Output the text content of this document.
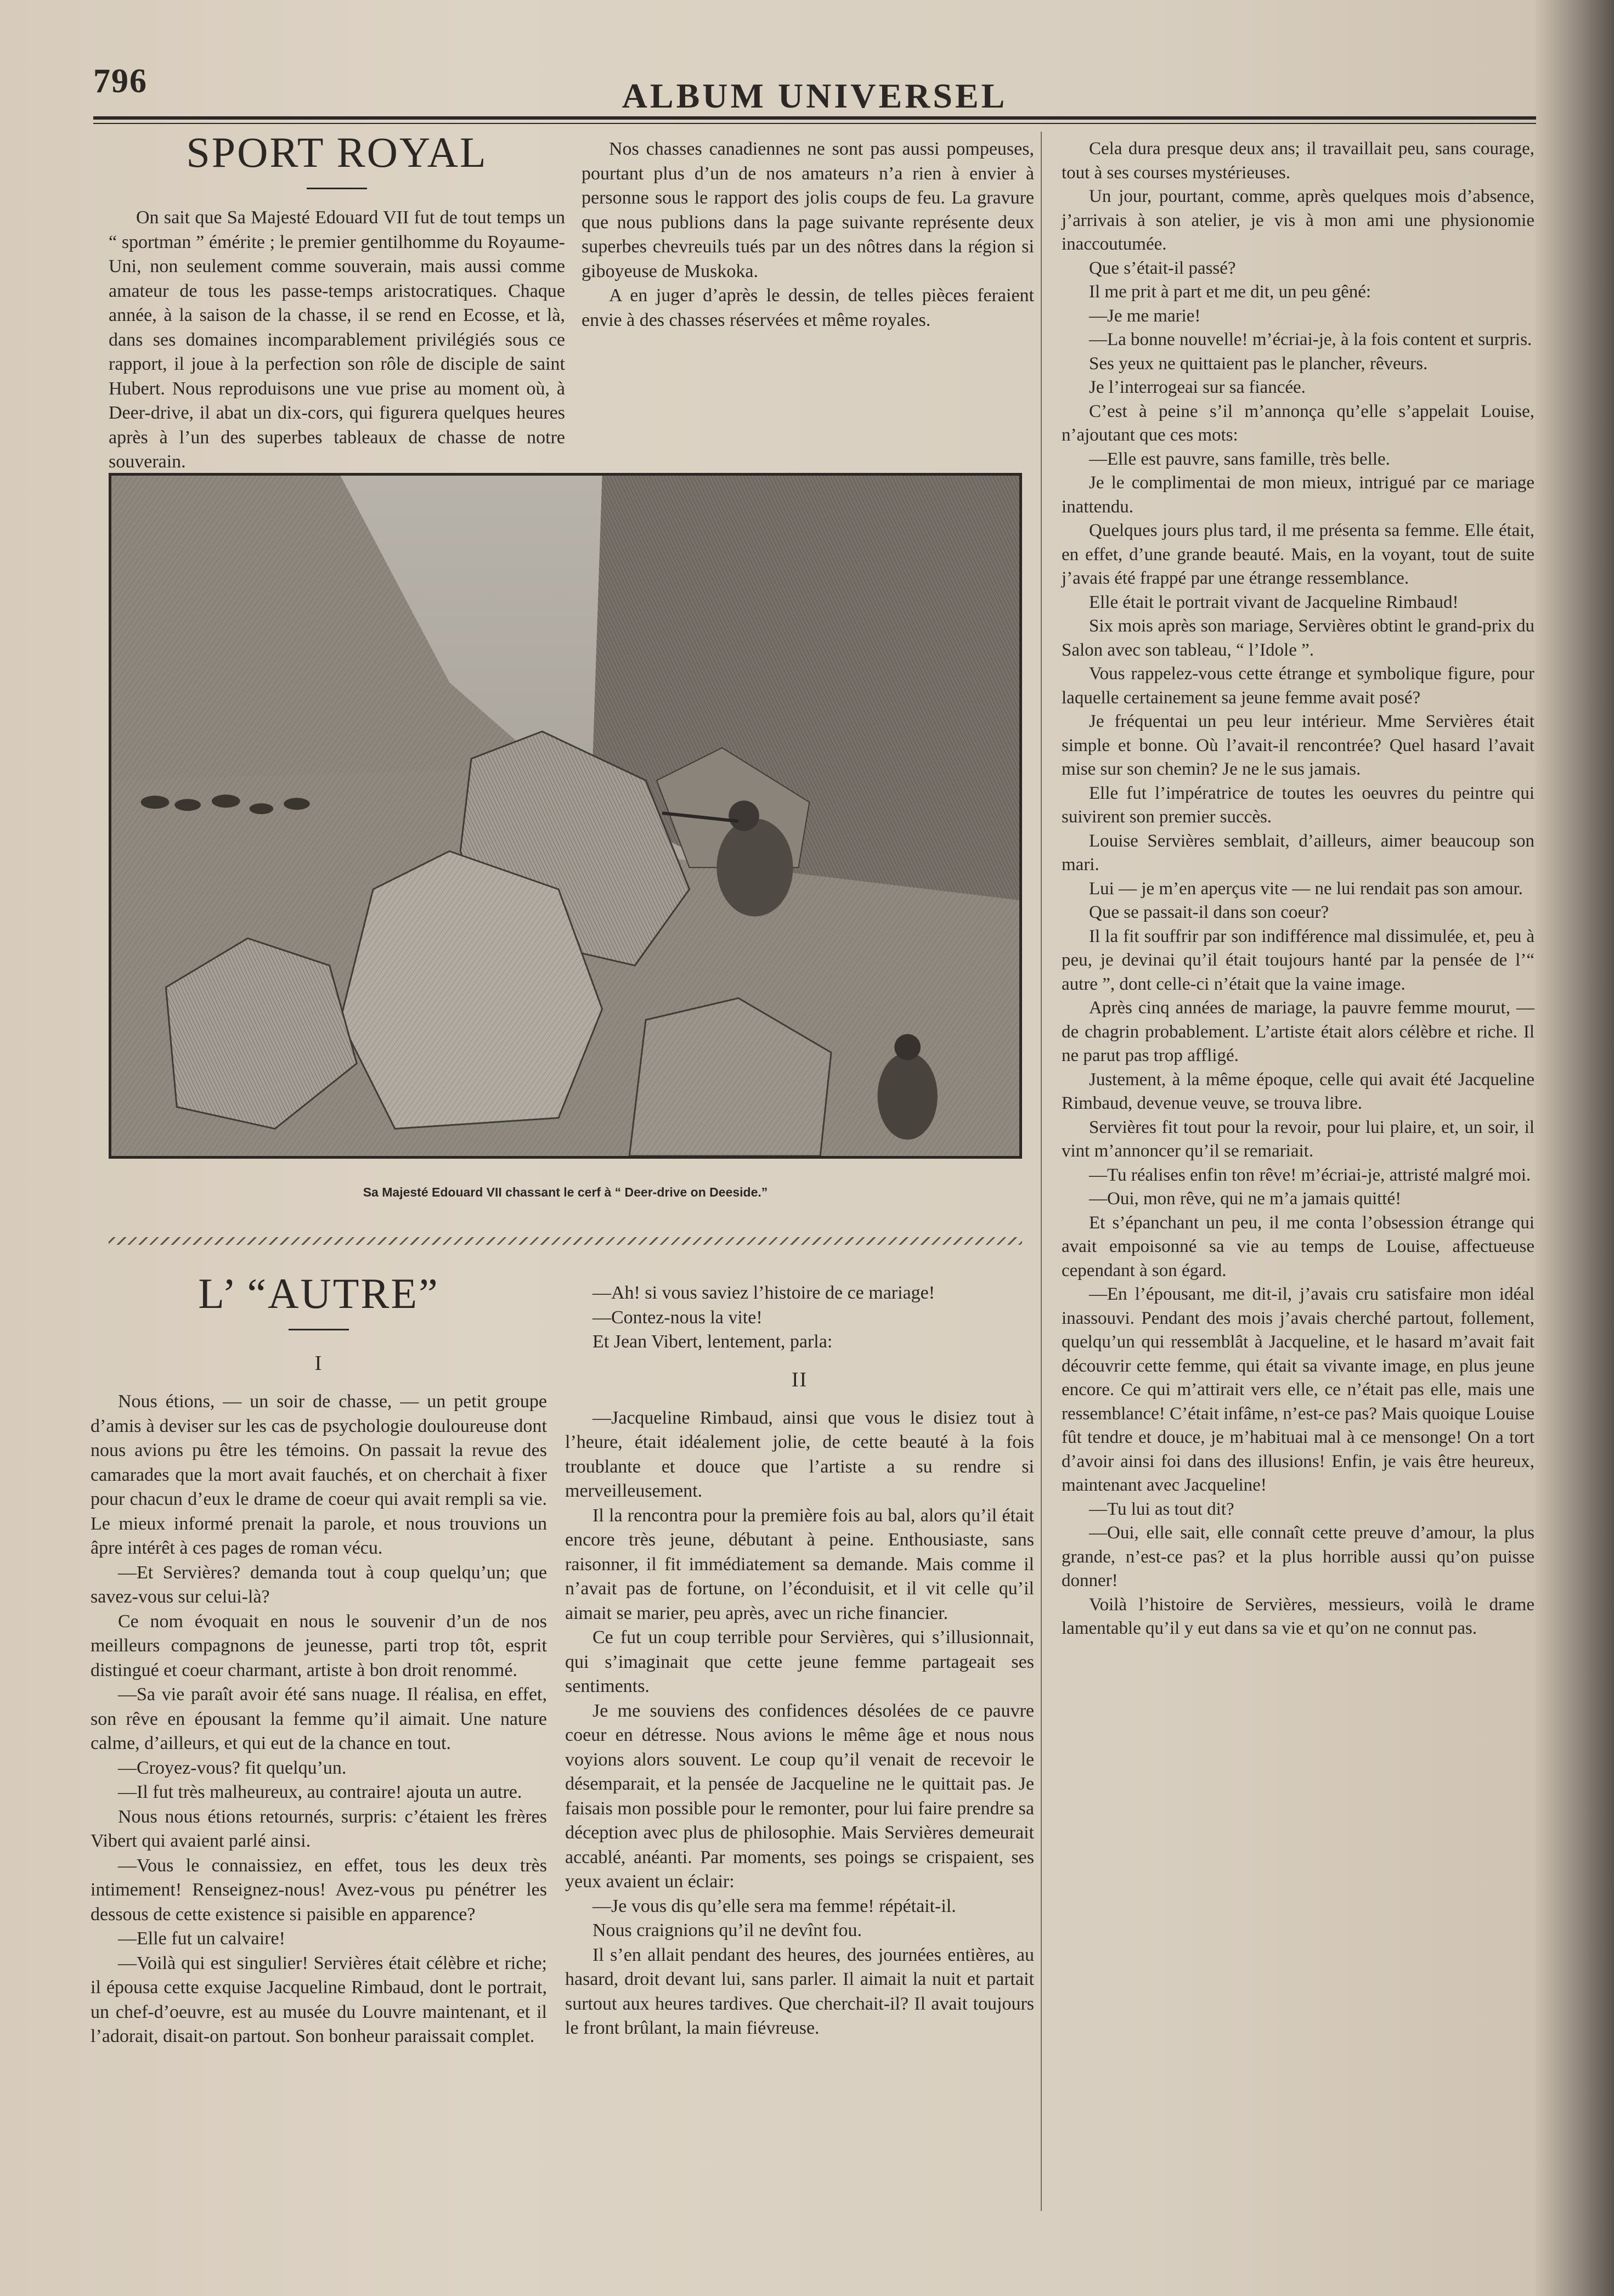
796	ALBUM UNIVERSEL
SPORT ROYAL

On sait que Sa Majesté Edouard VII fut de tout temps un “ sportman ” émérite ; le premier gentilhomme du Royaume-Uni, non seulement comme souverain, mais aussi comme amateur de tous les passe-temps aristocratiques. Chaque année, à la saison de la chasse, il se rend en Ecosse, et là, dans ses domaines incomparablement privilégiés sous ce rapport, il joue à la perfection son rôle de disciple de saint Hubert. Nous reproduisons une vue prise au moment où, à Deer-drive, il abat un dix-cors, qui figurera quelques heures après à l’un des superbes tableaux de chasse de notre souverain.

Nos chasses canadiennes ne sont pas aussi pompeuses, pourtant plus d’un de nos amateurs n’a rien à envier à personne sous le rapport des jolis coups de feu. La gravure que nous publions dans la page suivante représente deux superbes chevreuils tués par un des nôtres dans la région si giboyeuse de Muskoka.

A en juger d’après le dessin, de telles pièces feraient envie à des chasses réservées et même royales.

Sa Majesté Edouard VII chassant le cerf à “ Deer-drive on Deeside.”
L’ “AUTRE”
I

Nous étions, — un soir de chasse, — un petit groupe d’amis à deviser sur les cas de psychologie douloureuse dont nous avions pu être les témoins. On passait la revue des camarades que la mort avait fauchés, et on cherchait à fixer pour chacun d’eux le drame de coeur qui avait rempli sa vie. Le mieux informé prenait la parole, et nous trouvions un âpre intérêt à ces pages de roman vécu.

—Et Servières? demanda tout à coup quelqu’un; que savez-vous sur celui-là?

Ce nom évoquait en nous le souvenir d’un de nos meilleurs compagnons de jeunesse, parti trop tôt, esprit distingué et coeur charmant, artiste à bon droit renommé.

—Sa vie paraît avoir été sans nuage. Il réalisa, en effet, son rêve en épousant la femme qu’il aimait. Une nature calme, d’ailleurs, et qui eut de la chance en tout.

—Croyez-vous? fit quelqu’un.

—Il fut très malheureux, au contraire! ajouta un autre.

Nous nous étions retournés, surpris: c’étaient les frères Vibert qui avaient parlé ainsi.

—Vous le connaissiez, en effet, tous les deux très intimement! Renseignez-nous! Avez-vous pu pénétrer les dessous de cette existence si paisible en apparence?

—Elle fut un calvaire!

—Voilà qui est singulier! Servières était célèbre et riche; il épousa cette exquise Jacqueline Rimbaud, dont le portrait, un chef-d’oeuvre, est au musée du Louvre maintenant, et il l’adorait, disait-on partout. Son bonheur paraissait complet.

—Ah! si vous saviez l’histoire de ce mariage!

—Contez-nous la vite!

Et Jean Vibert, lentement, parla:

II

—Jacqueline Rimbaud, ainsi que vous le disiez tout à l’heure, était idéalement jolie, de cette beauté à la fois troublante et douce que l’artiste a su rendre si merveilleusement.

Il la rencontra pour la première fois au bal, alors qu’il était encore très jeune, débutant à peine. Enthousiaste, sans raisonner, il fit immédiatement sa demande. Mais comme il n’avait pas de fortune, on l’éconduisit, et il vit celle qu’il aimait se marier, peu après, avec un riche financier.

Ce fut un coup terrible pour Servières, qui s’illusionnait, qui s’imaginait que cette jeune femme partageait ses sentiments.

Je me souviens des confidences désolées de ce pauvre coeur en détresse. Nous avions le même âge et nous nous voyions alors souvent. Le coup qu’il venait de recevoir le désemparait, et la pensée de Jacqueline ne le quittait pas. Je faisais mon possible pour le remonter, pour lui faire prendre sa déception avec plus de philosophie. Mais Servières demeurait accablé, anéanti. Par moments, ses poings se crispaient, ses yeux avaient un éclair:

—Je vous dis qu’elle sera ma femme! répétait-il.

Nous craignions qu’il ne devînt fou.

Il s’en allait pendant des heures, des journées entières, au hasard, droit devant lui, sans parler. Il aimait la nuit et partait surtout aux heures tardives. Que cherchait-il? Il avait toujours le front brûlant, la main fiévreuse.

Cela dura presque deux ans; il travaillait peu, sans courage, tout à ses courses mystérieuses.

Un jour, pourtant, comme, après quelques mois d’absence, j’arrivais à son atelier, je vis à mon ami une physionomie inaccoutumée.

Que s’était-il passé?

Il me prit à part et me dit, un peu gêné:

—Je me marie!

—La bonne nouvelle! m’écriai-je, à la fois content et surpris.

Ses yeux ne quittaient pas le plancher, rêveurs.

Je l’interrogeai sur sa fiancée.

C’est à peine s’il m’annonça qu’elle s’appelait Louise, n’ajoutant que ces mots:

—Elle est pauvre, sans famille, très belle.

Je le complimentai de mon mieux, intrigué par ce mariage inattendu.

Quelques jours plus tard, il me présenta sa femme. Elle était, en effet, d’une grande beauté. Mais, en la voyant, tout de suite j’avais été frappé par une étrange ressemblance.

Elle était le portrait vivant de Jacqueline Rimbaud!

Six mois après son mariage, Servières obtint le grand-prix du Salon avec son tableau, “ l’Idole ”.

Vous rappelez-vous cette étrange et symbolique figure, pour laquelle certainement sa jeune femme avait posé?

Je fréquentai un peu leur intérieur. Mme Servières était simple et bonne. Où l’avait-il rencontrée? Quel hasard l’avait mise sur son chemin? Je ne le sus jamais.

Elle fut l’impératrice de toutes les oeuvres du peintre qui suivirent son premier succès.

Louise Servières semblait, d’ailleurs, aimer beaucoup son mari.

Lui — je m’en aperçus vite — ne lui rendait pas son amour.

Que se passait-il dans son coeur?

Il la fit souffrir par son indifférence mal dissimulée, et, peu à peu, je devinai qu’il était toujours hanté par la pensée de l’“ autre ”, dont celle-ci n’était que la vaine image.

Après cinq années de mariage, la pauvre femme mourut, — de chagrin probablement. L’artiste était alors célèbre et riche. Il ne parut pas trop affligé.

Justement, à la même époque, celle qui avait été Jacqueline Rimbaud, devenue veuve, se trouva libre.

Servières fit tout pour la revoir, pour lui plaire, et, un soir, il vint m’annoncer qu’il se remariait.

—Tu réalises enfin ton rêve! m’écriai-je, attristé malgré moi.

—Oui, mon rêve, qui ne m’a jamais quitté!

Et s’épanchant un peu, il me conta l’obsession étrange qui avait empoisonné sa vie au temps de Louise, affectueuse cependant à son égard.

—En l’épousant, me dit-il, j’avais cru satisfaire mon idéal inassouvi. Pendant des mois j’avais cherché partout, follement, quelqu’un qui ressemblât à Jacqueline, et le hasard m’avait fait découvrir cette femme, qui était sa vivante image, en plus jeune encore. Ce qui m’attirait vers elle, ce n’était pas elle, mais une ressemblance! C’était infâme, n’est-ce pas? Mais quoique Louise fût tendre et douce, je m’habituai mal à ce mensonge! On a tort d’avoir ainsi foi dans des illusions! Enfin, je vais être heureux, maintenant avec Jacqueline!

—Tu lui as tout dit?

—Oui, elle sait, elle connaît cette preuve d’amour, la plus grande, n’est-ce pas? et la plus horrible aussi qu’on puisse donner!

Voilà l’histoire de Servières, messieurs, voilà le drame lamentable qu’il y eut dans sa vie et qu’on ne connut pas.
